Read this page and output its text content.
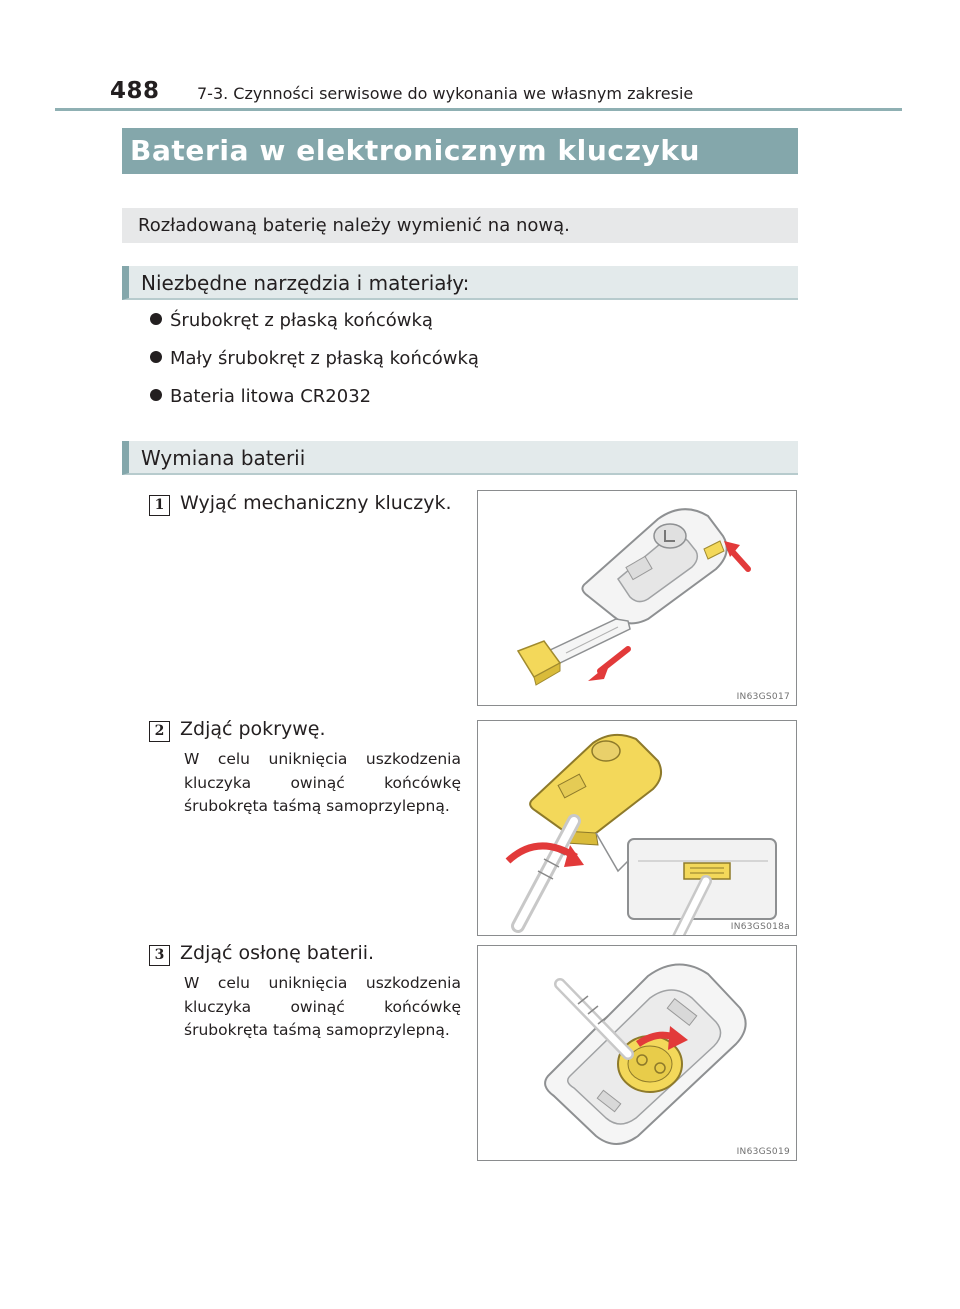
488 7-3. Czynności serwisowe do wykonania we własnym zakresie
Bateria w elektronicznym kluczyku
Rozładowaną baterię należy wymienić na nową.
Niezbędne narzędzia i materiały:
Śrubokręt z płaską końcówką
Mały śrubokręt z płaską końcówką
Bateria litowa CR2032
Wymiana baterii
1 Wyjąć mechaniczny kluczyk.
IN63GS017
2 Zdjąć pokrywę.
W celu uniknięcia uszkodzenia kluczyka owinąć końcówkę śrubokręta taśmą samoprzylepną.
IN63GS018a
3 Zdjąć osłonę baterii.
W celu uniknięcia uszkodzenia kluczyka owinąć końcówkę śrubokręta taśmą samoprzylepną.
IN63GS019
